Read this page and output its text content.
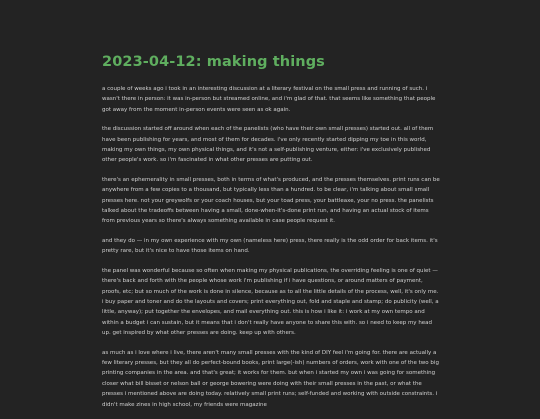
2023-04-12: making things

a couple of weeks ago i took in an interesting discussion at a literary festival on the small press and running of such. i wasn't there in person: it was in-person but streamed online, and i'm glad of that. that seems like something that people got away from the moment in-person events were seen as ok again.

the discussion started off around when each of the panelists (who have their own small presses) started out. all of them have been publishing for years, and most of them for decades. i've only recently started dipping my toe in this world, making my own things, my own physical things, and it's not a self-publishing venture, either: i've exclusively published other people's work. so i'm fascinated in what other presses are putting out.

there's an ephemerality in small presses, both in terms of what's produced, and the presses themselves. print runs can be anywhere from a few copies to a thousand, but typically less than a hundred. to be clear, i'm talking about small small presses here. not your greywolfs or your coach houses, but your toad press, your battleaxe, your no press. the panelists talked about the tradeoffs between having a small, done-when-it's-done print run, and having an actual stock of items from previous years so there's always something available in case people request it.

and they do — in my own experience with my own (nameless here) press, there really is the odd order for back items. it's pretty rare, but it's nice to have those items on hand.

the panel was wonderful because so often when making my physical publications, the overriding feeling is one of quiet — there's back and forth with the people whose work i'm publishing if i have questions, or around matters of payment, proofs, etc; but so much of the work is done in silence, because as to all the little details of the process, well, it's only me. i buy paper and toner and do the layouts and covers; print everything out, fold and staple and stamp; do publicity (well, a little, anyway); put together the envelopes, and mail everything out. this is how i like it: i work at my own tempo and within a budget i can sustain, but it means that i don't really have anyone to share this with. so i need to keep my head up. get inspired by what other presses are doing. keep up with others.

as much as i love where i live, there aren't many small presses with the kind of DIY feel i'm going for. there are actually a few literary presses, but they all do perfect-bound books, print large(-ish) numbers of orders, work with one of the two big printing companies in the area. and that's great; it works for them. but when i started my own i was going for something closer what bill bisset or nelson ball or george bowering were doing with their small presses in the past, or what the presses i mentioned above are doing today. relatively small print runs; self-funded and working with outside constraints. i didn't make zines in high school, my friends were magazine
